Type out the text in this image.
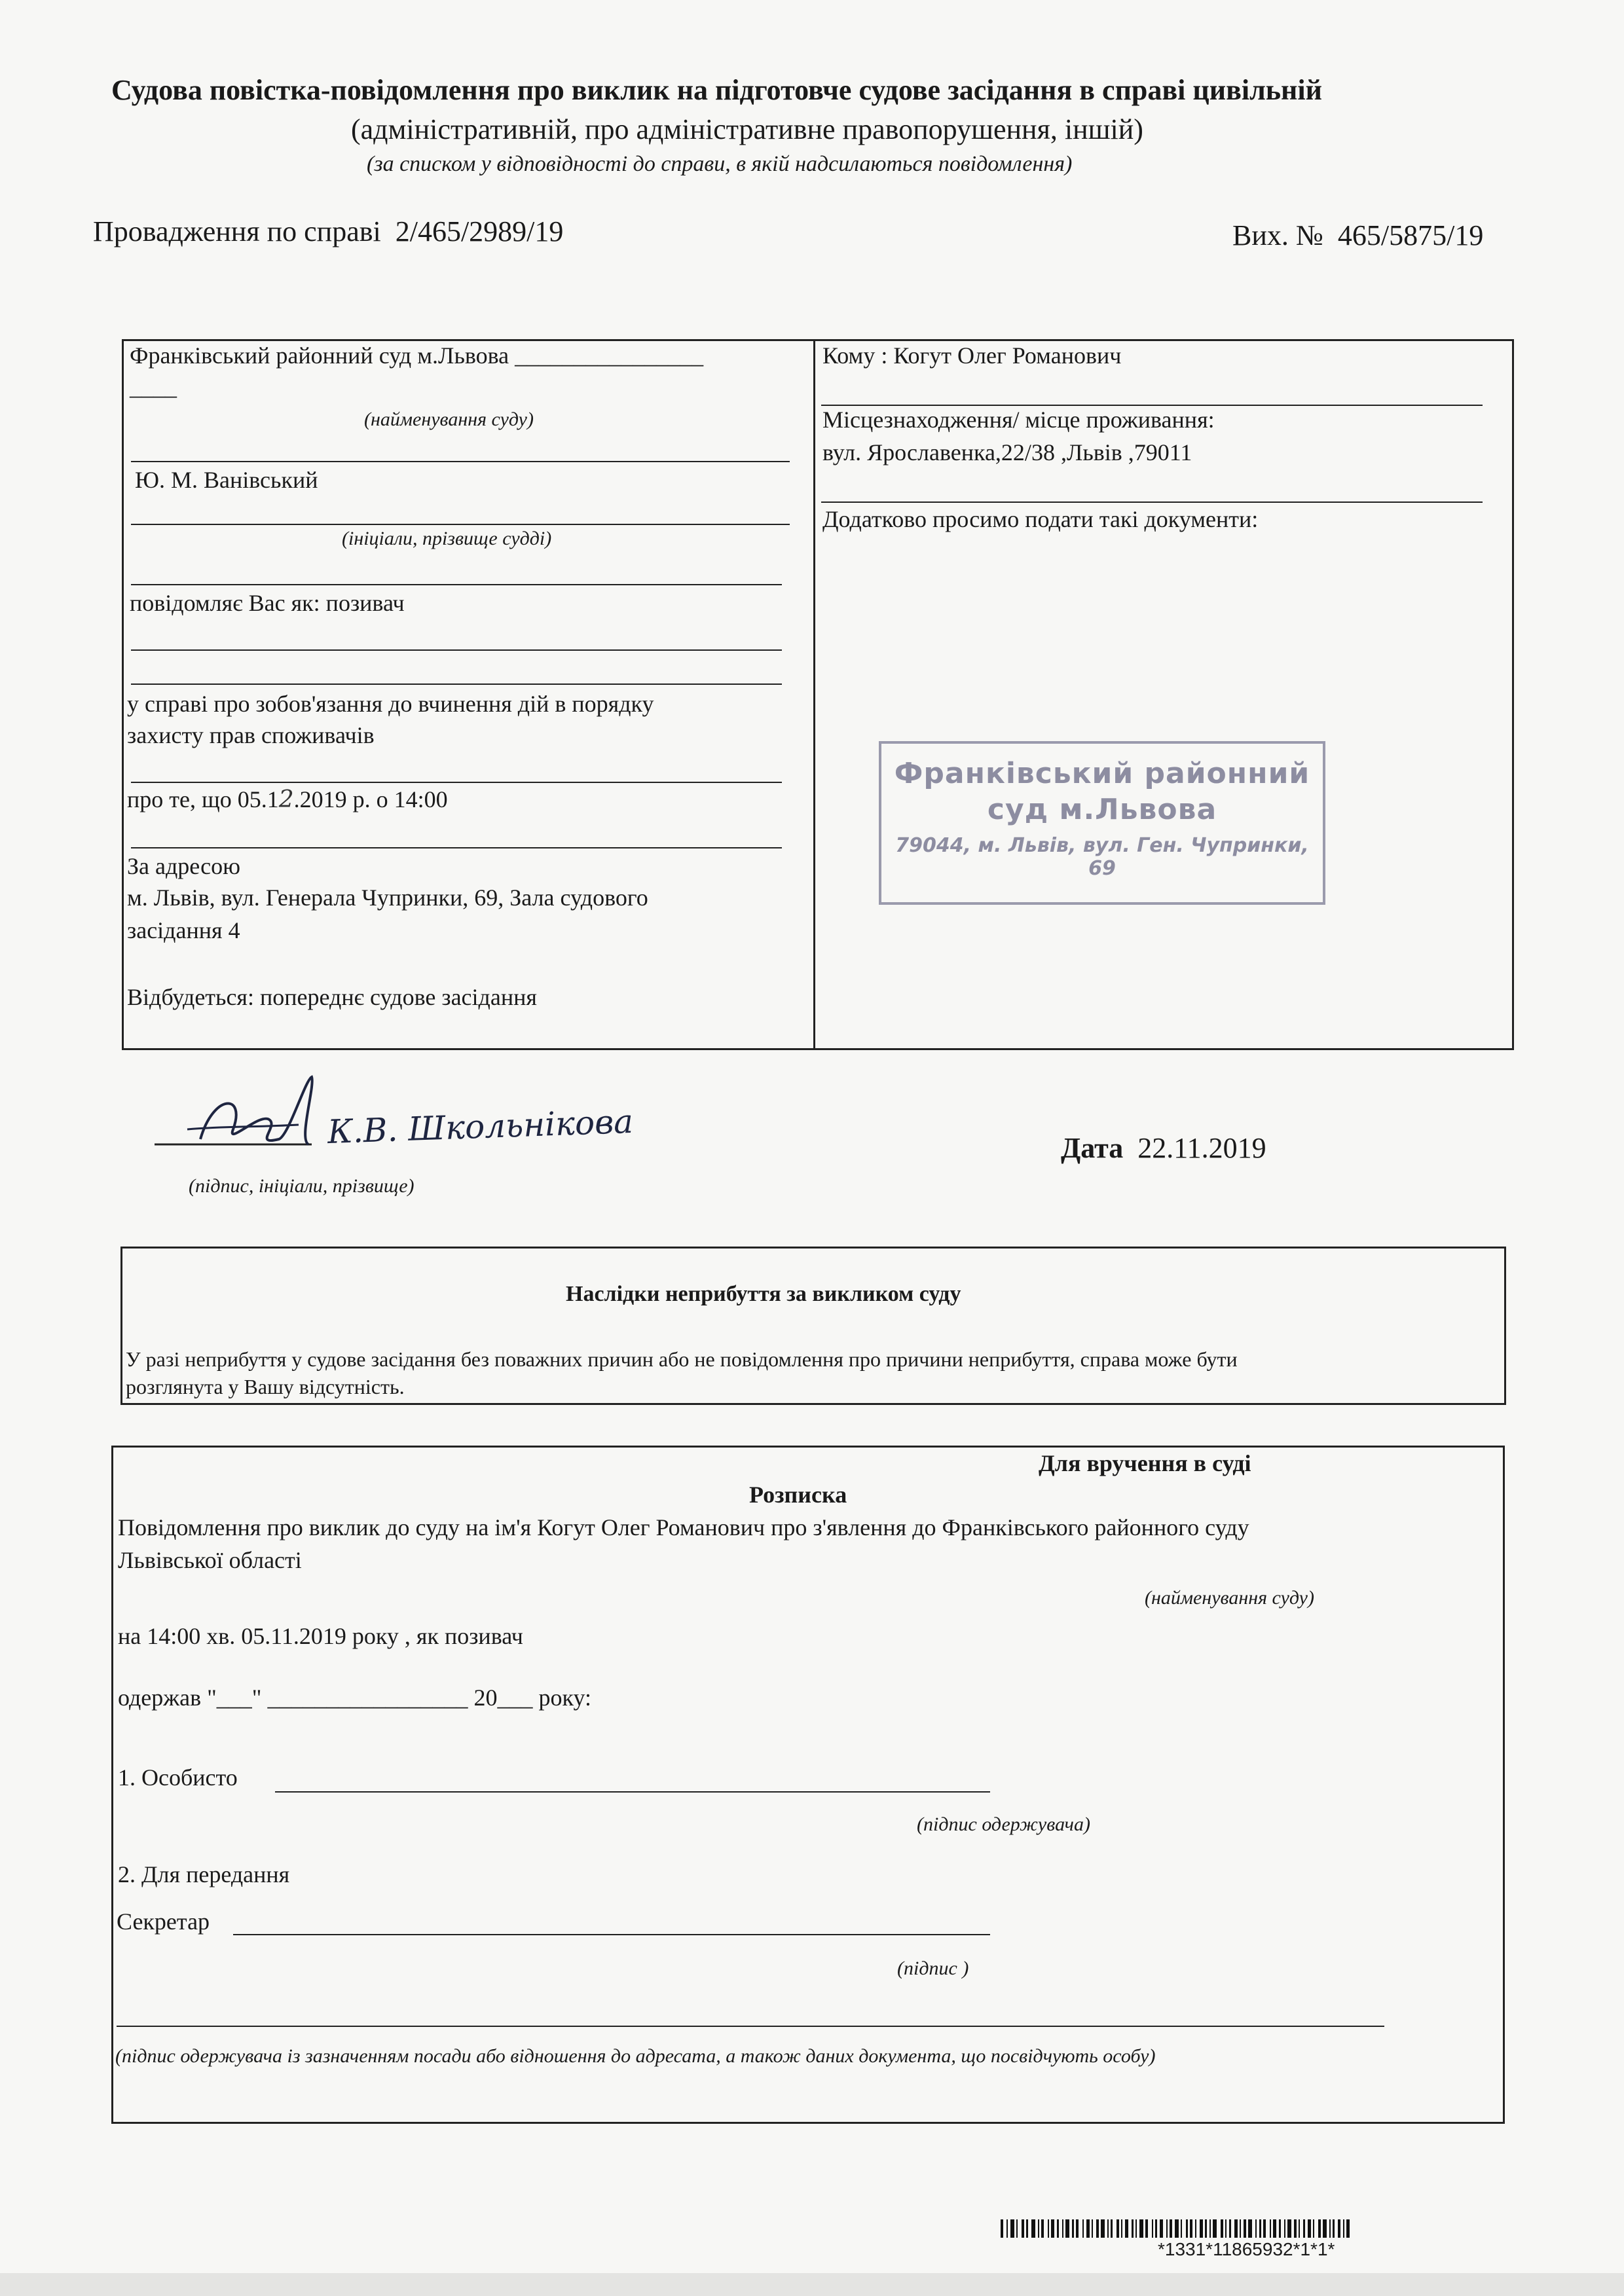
Судова повістка-повідомлення про виклик на підготовче судове засідання в справі цивільній
(адміністративній, про адміністративне правопорушення, іншій)
(за списком у відповідності до справи, в якій надсилаються повідомлення)
Провадження по справі 2/465/2989/19	Вих. № 465/5875/19
Франківський районний суд м.Львова ________________
____
(найменування суду)
Ю. М. Ванівський
(ініціали, прізвище судді)
повідомляє Вас як: позивач
у справі про зобов'язання до вчинення дій в порядку
захисту прав споживачів
про те, що 05.12.2019 р. о 14:00
За адресою
м. Львів, вул. Генерала Чупринки, 69, Зала судового
засідання 4
Відбудеться: попереднє судове засідання
Кому : Когут Олег Романович
Місцезнаходження/ місце проживання:
вул. Ярославенка,22/38 ,Львів ,79011
Додатково просимо подати такі документи:
Франківський районний
суд м.Львова
79044, м. Львів, вул. Ген. Чупринки, 69
К.В. Школьнікова
(підпис, ініціали, прізвище)
Дата 22.11.2019
Наслідки неприбуття за викликом суду
У разі неприбуття у судове засідання без поважних причин або не повідомлення про причини неприбуття, справа може бути
розглянута у Вашу відсутність.
Для вручення в суді
Розписка
Повідомлення про виклик до суду на ім'я Когут Олег Романович про з'явлення до Франківського районного суду
Львівської області
(найменування суду)
на 14:00 хв. 05.11.2019 року , як позивач
одержав "___" _________________ 20___ року:
1. Особисто
(підпис одержувача)
2. Для передання
Секретар
(підпис )
(підпис одержувача із зазначенням посади або відношення до адресата, а також даних документа, що посвідчують особу)
*1331*11865932*1*1*
